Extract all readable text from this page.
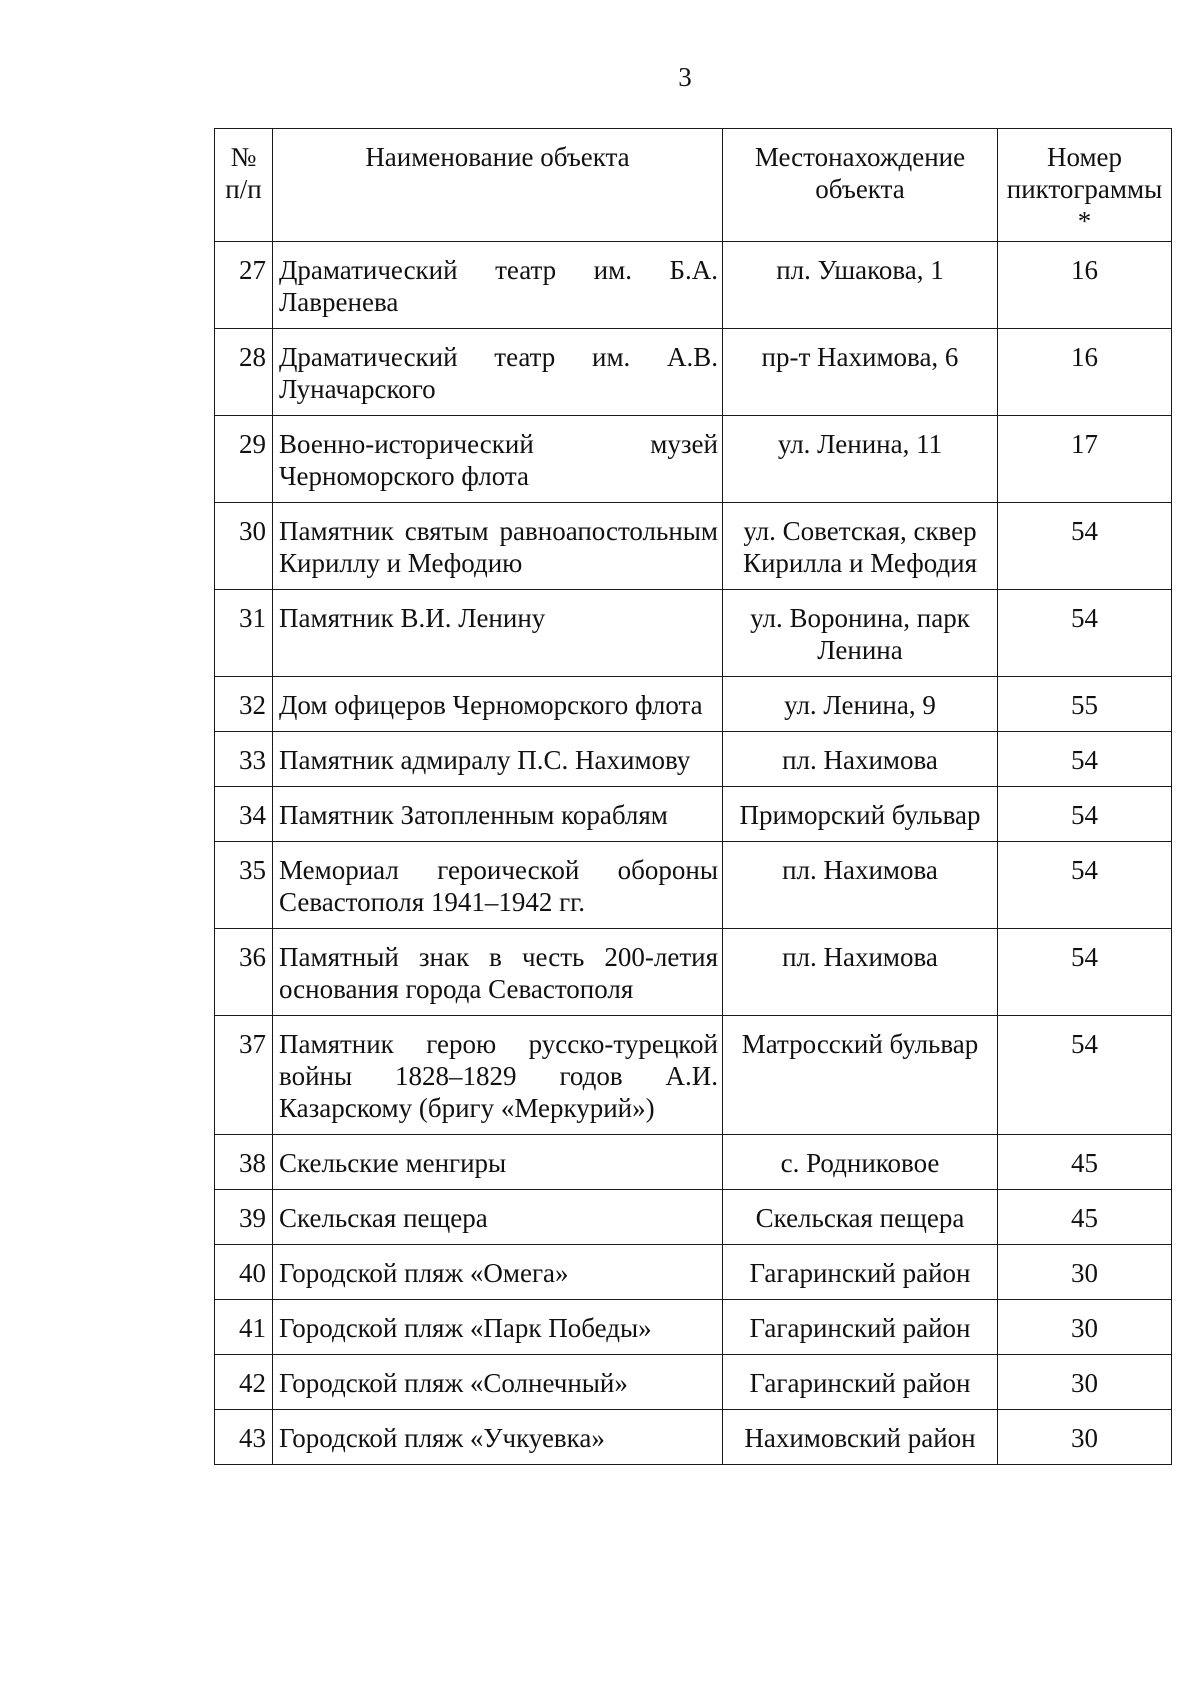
3
№ п/п	Наименование объекта	Местонахождение объекта	Номер пиктограммы *
27	Драматический театр им. Б.А. Лавренева	пл. Ушакова, 1	16
28	Драматический театр им. А.В. Луначарского	пр-т Нахимова, 6	16
29	Военно-исторический музей Черноморского флота	ул. Ленина, 11	17
30	Памятник святым равноапостольным Кириллу и Мефодию	ул. Советская, сквер Кирилла и Мефодия	54
31	Памятник В.И. Ленину	ул. Воронина, парк Ленина	54
32	Дом офицеров Черноморского флота	ул. Ленина, 9	55
33	Памятник адмиралу П.С. Нахимову	пл. Нахимова	54
34	Памятник Затопленным кораблям	Приморский бульвар	54
35	Мемориал героической обороны Севастополя 1941–1942 гг.	пл. Нахимова	54
36	Памятный знак в честь 200-летия основания города Севастополя	пл. Нахимова	54
37	Памятник герою русско-турецкой войны 1828–1829 годов А.И. Казарскому (бригу «Меркурий»)	Матросский бульвар	54
38	Скельские менгиры	с. Родниковое	45
39	Скельская пещера	Скельская пещера	45
40	Городской пляж «Омега»	Гагаринский район	30
41	Городской пляж «Парк Победы»	Гагаринский район	30
42	Городской пляж «Солнечный»	Гагаринский район	30
43	Городской пляж «Учкуевка»	Нахимовский район	30
